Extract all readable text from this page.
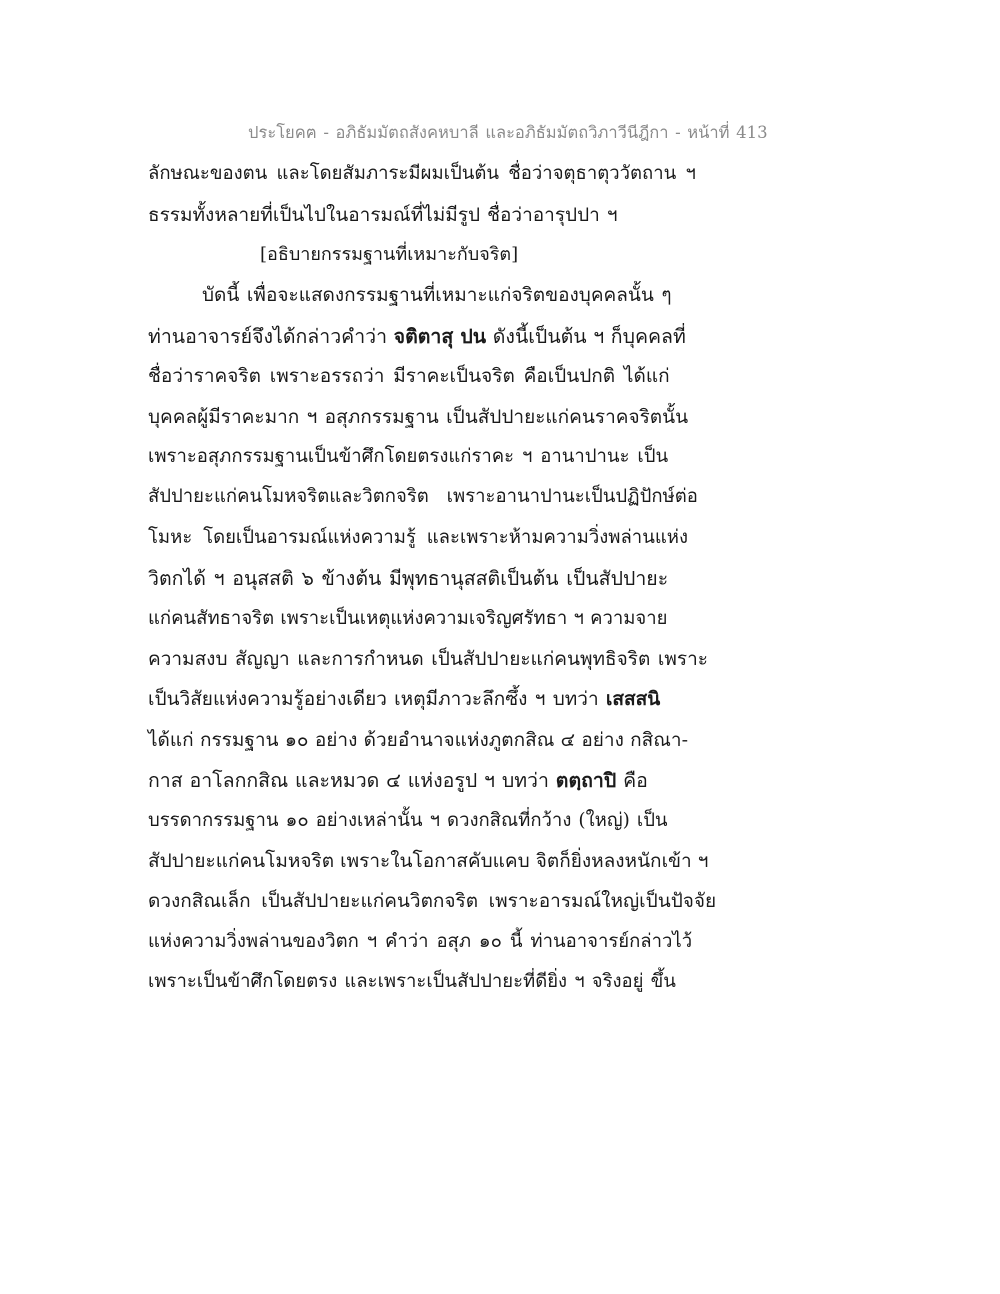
ประโยคฅ - อภิธัมมัตถสังคหบาลี และอภิธัมมัตถวิภาวีนีฎีกา - หน้าที่ 413
ลักษณะของตน และโดยสัมภาระมีผมเป็นต้น ชื่อว่าจตุธาตุววัตถาน ฯ
ธรรมทั้งหลายที่เป็นไปในอารมณ์ที่ไม่มีรูป ชื่อว่าอารุปปา ฯ
[อธิบายกรรมฐานที่เหมาะกับจริต]
บัดนี้ เพื่อจะแสดงกรรมฐานที่เหมาะแก่จริตของบุคคลนั้น ๆ
ท่านอาจารย์จึงได้กล่าวคำว่า จติตาสุ ปน ดังนี้เป็นต้น ฯ ก็บุคคลที่
ชื่อว่าราคจริต เพราะอรรถว่า มีราคะเป็นจริต คือเป็นปกติ ได้แก่
บุคคลผู้มีราคะมาก ฯ อสุภกรรมฐาน เป็นสัปปายะแก่คนราคจริตนั้น
เพราะอสุภกรรมฐานเป็นข้าศึกโดยตรงแก่ราคะ ฯ อานาปานะ เป็น
สัปปายะแก่คนโมหจริตและวิตกจริต เพราะอานาปานะเป็นปฏิปักษ์ต่อ
โมหะ โดยเป็นอารมณ์แห่งความรู้ และเพราะห้ามความวิ่งพล่านแห่ง
วิตกได้ ฯ อนุสสติ ๖ ข้างต้น มีพุทธานุสสติเป็นต้น เป็นสัปปายะ
แก่คนสัทธาจริต เพราะเป็นเหตุแห่งความเจริญศรัทธา ฯ ความจาย
ความสงบ สัญญา และการกำหนด เป็นสัปปายะแก่คนพุทธิจริต เพราะ
เป็นวิสัยแห่งความรู้อย่างเดียว เหตุมีภาวะลึกซึ้ง ฯ บทว่า เสสสนิ
ได้แก่ กรรมฐาน ๑๐ อย่าง ด้วยอำนาจแห่งภูตกสิณ ๔ อย่าง กสิณา-
กาส อาโลกกสิณ และหมวด ๔ แห่งอรูป ฯ บทว่า ตตฺถาปิ คือ
บรรดากรรมฐาน ๑๐ อย่างเหล่านั้น ฯ ดวงกสิณที่กว้าง (ใหญ่) เป็น
สัปปายะแก่คนโมหจริต เพราะในโอกาสคับแคบ จิตก็ยิ่งหลงหนักเข้า ฯ
ดวงกสิณเล็ก เป็นสัปปายะแก่คนวิตกจริต เพราะอารมณ์ใหญ่เป็นปัจจัย
แห่งความวิ่งพล่านของวิตก ฯ คำว่า อสุภ ๑๐ นี้ ท่านอาจารย์กล่าวไว้
เพราะเป็นข้าศึกโดยตรง และเพราะเป็นสัปปายะที่ดียิ่ง ฯ จริงอยู่ ขึ้น
